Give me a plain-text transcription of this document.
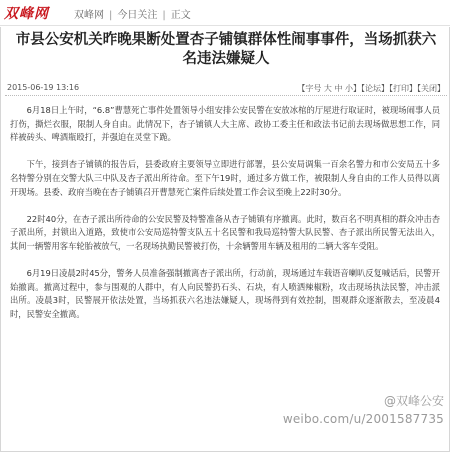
双峰网	双峰网 | 今日关注 | 正文
市县公安机关昨晚果断处置杏子铺镇群体性闹事事件，当场抓获六名违法嫌疑人
2015-06-19 13:16	【字号 大 中 小】【论坛】【打印】【关闭】

6月18日上午时，“6.8”曹慧死亡事件处置领导小组安排公安民警在安放冰棺的厅屋进行取证时，被现场闹事人员打伤，撕烂衣服，限制人身自由。此情况下，杏子铺镇人大主席、政协工委主任和政法书记前去现场做思想工作，同样被砖头、啤酒瓶殴打，并强迫在灵堂下跪。

下午，接到杏子铺镇的报告后，县委政府主要领导立即进行部署，县公安局调集一百余名警力和市公安局五十多名特警分别在交警大队三中队及杏子派出所待命。至下午19时，通过多方做工作，被限制人身自由的工作人员得以离开现场。县委、政府当晚在杏子铺镇召开曹慧死亡案件后续处置工作会议至晚上22时30分。

22时40分，在杏子派出所待命的公安民警及特警准备从杏子铺镇有序撤离。此时，数百名不明真相的群众冲击杏子派出所，封锁出入道路，致使市公安局巡特警支队五十名民警和我局巡特警大队民警、杏子派出所民警无法出入，其间一辆警用客车轮胎被放气，一名现场执勤民警被打伤，十余辆警用车辆及租用的二辆大客车受阻。

6月19日凌晨2时45分，警务人员准备强制撤离杏子派出所，行动前，现场通过车载语音喇叭反复喊话后，民警开始撤离。撤离过程中，参与围观的人群中，有人向民警扔石头、石块，有人喷洒辣椒粉，攻击现场执法民警，冲击派出所。凌晨3时，民警展开依法处置，当场抓获六名违法嫌疑人，现场得到有效控制，围观群众逐渐散去，至凌晨4时，民警安全撤离。

@双峰公安
weibo.com/u/2001587735
